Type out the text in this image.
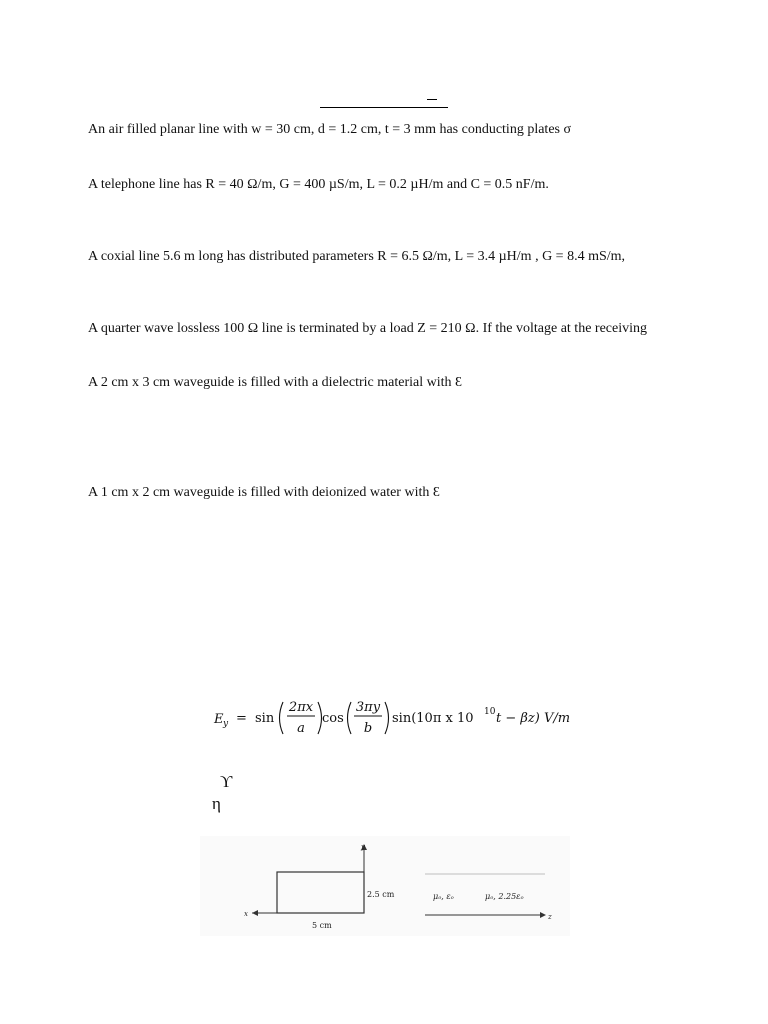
An air filled planar line with w = 30 cm, d = 1.2 cm, t = 3 mm has conducting plates σ
A telephone line has R = 40 Ω/m, G = 400 µS/m, L = 0.2 µH/m and C = 0.5 nF/m.
A coxial line 5.6 m long has distributed parameters R = 6.5 Ω/m, L = 3.4 µH/m , G = 8.4 mS/m,
A quarter wave lossless 100 Ω line is terminated by a load Z = 210 Ω. If the voltage at the receiving
A 2 cm x 3 cm waveguide is filled with a dielectric material with Ɛ
A 1 cm x 2 cm waveguide is filled with deionized water with Ɛ
E y = sin
2πx
a
cos
3πy
b
sin(10π x 10 10 t − βz) V/m
ϒ
η
y
x
2.5 cm
5 cm
μₒ, εₒ	μₒ, 2.25εₒ
z
